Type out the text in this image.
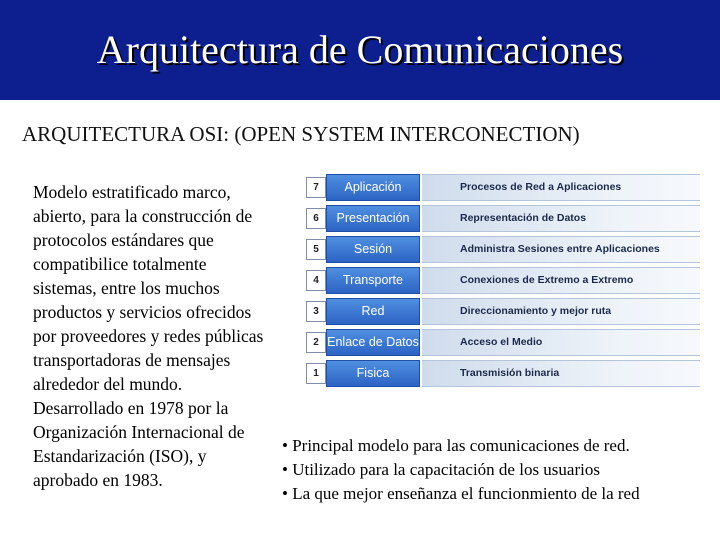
Arquitectura de Comunicaciones
ARQUITECTURA OSI: (OPEN SYSTEM INTERCONECTION)
Modelo estratificado marco, abierto, para la construcción de protocolos estándares que compatibilice totalmente sistemas, entre los muchos productos y servicios ofrecidos por proveedores y redes públicas transportadoras de mensajes alrededor del mundo. Desarrollado en 1978 por la Organización Internacional de Estandarización (ISO), y aprobado en 1983.
7	Aplicación	Procesos de Red a Aplicaciones
6	Presentación	Representación de Datos
5	Sesión	Administra Sesiones entre Aplicaciones
4	Transporte	Conexiones de Extremo a Extremo
3	Red	Direccionamiento y mejor ruta
2 Enlace de Datos	Acceso el Medio
1	Fisica	Transmisión binaria
• Principal modelo para las comunicaciones de red.
• Utilizado para la capacitación de los usuarios
• La que mejor enseñanza el funcionmiento de la red
